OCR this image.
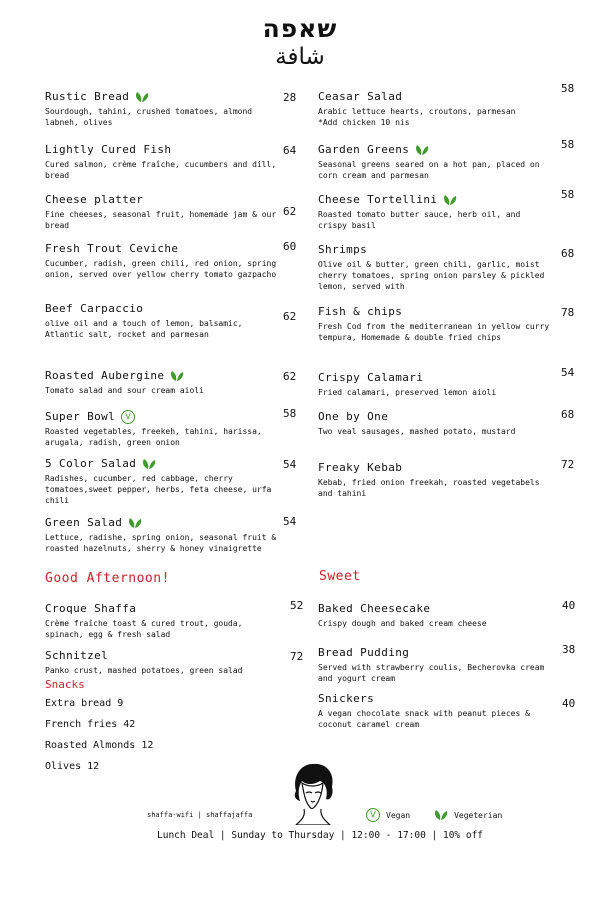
שאפה
شافة
Rustic Bread
Sourdough, tahini, crushed tomatoes, almond labneh, olives
28
Lightly Cured Fish
Cured salmon, crème fraîche, cucumbers and dill, bread
64
Cheese platter
Fine cheeses, seasonal fruit, homemade jam & our bread
62
Fresh Trout Ceviche
Cucumber, radish, green chili, red onion, spring onion, served over yellow cherry tomato gazpacho
60
Beef Carpaccio
olive oil and a touch of lemon, balsamic, Atlantic salt, rocket and parmesan
62
Roasted Aubergine
Tomato salad and sour cream aioli
62
Super Bowl	V
Roasted vegetables, freekeh, tahini, harissa, arugala, radish, green onion
58
5 Color Salad
Radishes, cucumber, red cabbage, cherry tomatoes,sweet pepper, herbs, feta cheese, urfa chili
54
Green Salad
Lettuce, radishe, spring onion, seasonal fruit & roasted hazelnuts, sherry & honey vinaigrette
54
Ceasar Salad
Arabic lettuce hearts, croutons, parmesan
*Add chicken 10 nis
58
Garden Greens
Seasonal greens seared on a hot pan, placed on corn cream and parmesan
58
Cheese Tortellini
Roasted tomato butter sauce, herb oil, and crispy basil
58
Shrimps
Olive oil & butter, green chili, garlic, moist cherry tomatoes, spring onion parsley & pickled lemon, served with
68
Fish & chips
Fresh Cod from the mediterranean in yellow curry tempura, Homemade & double fried chips
78
Crispy Calamari
Fried calamari, preserved lemon aioli
54
One by One
Two veal sausages, mashed potato, mustard
68
Freaky Kebab
Kebab, fried onion freekah, roasted vegetabels and tahini
72
Good Afternoon!
Croque Shaffa
Crème fraîche toast & cured trout, gouda, spinach, egg & fresh salad
52
Schnitzel
Panko crust, mashed potatoes, green salad
72
Snacks
Extra bread 9
French fries 42
Roasted Almonds 12
Olives 12
Sweet
Baked Cheesecake
Crispy dough and baked cream cheese
40
Bread Pudding
Served with strawberry coulis, Becherovka cream and yogurt cream
38
Snickers
A vegan chocolate snack with peanut pieces & coconut caramel cream
40
shaffa-wifi | shaffajaffa	V	Vegan	Vegeterian
Lunch Deal | Sunday to Thursday | 12:00 - 17:00 | 10% off
